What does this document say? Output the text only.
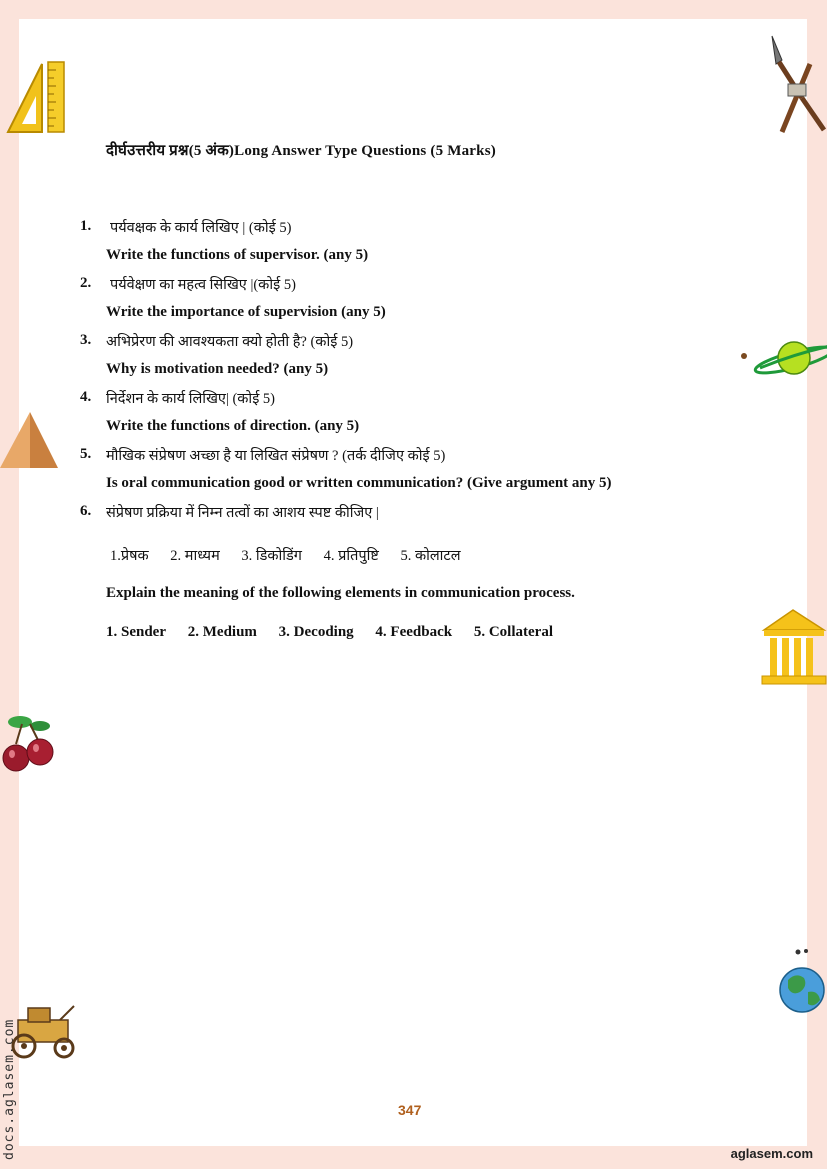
दीर्घउत्तरीय प्रश्न(5 अंक)Long Answer Type Questions (5 Marks)
1. पर्यवक्षक के कार्य लिखिए | (कोई 5)
Write the functions of supervisor. (any 5)
2. पर्यवेक्षण का महत्व सिखिए |(कोई 5)
Write the importance of supervision (any 5)
3. अभिप्रेरण की आवश्यकता क्यो होती है? (कोई 5)
Why is motivation needed? (any 5)
4. निर्देशन के कार्य लिखिए| (कोई 5)
Write the functions of direction. (any 5)
5. मौखिक संप्रेषण अच्छा है या लिखित संप्रेषण ? (तर्क दीजिए कोई 5)
Is oral communication good or written communication? (Give argument any 5)
6. संप्रेषण प्रक्रिया में निम्न तत्वों का आशय स्पष्ट कीजिए |
1.प्रेषक 2. माध्यम 3. डिकोडिंग 4. प्रतिपुष्टि 5. कोलाटल
Explain the meaning of the following elements in communication process.
1. Sender 2. Medium 3. Decoding 4. Feedback 5. Collateral
347
aglasem.com
docs.aglasem.com
